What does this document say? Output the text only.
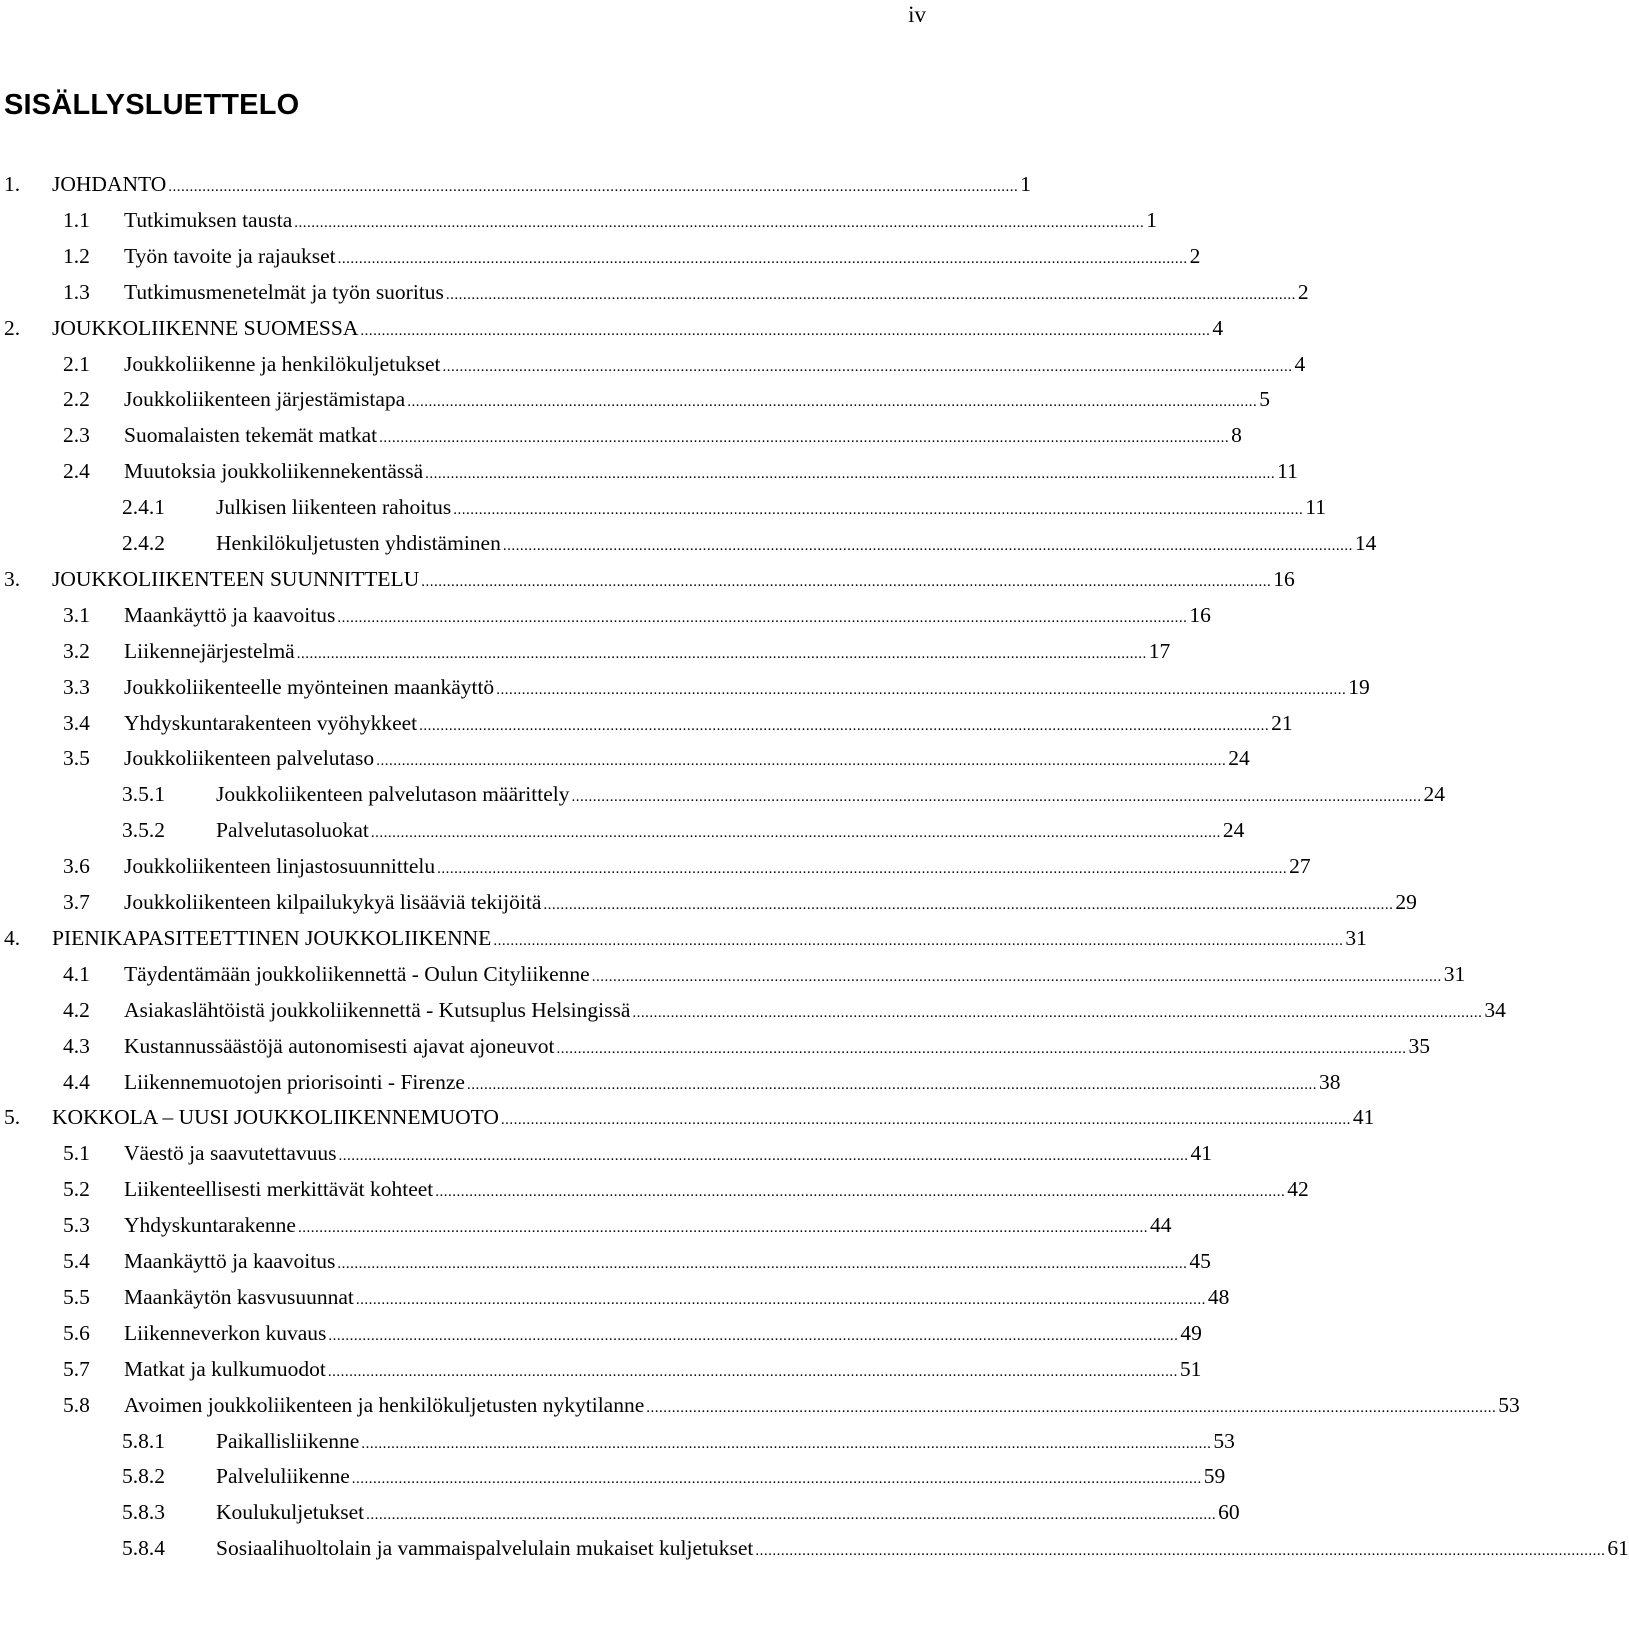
iv
SISÄLLYSLUETTELO
1. JOHDANTO ........................................................................................................................................................................................................ 1
1.1 Tutkimuksen tausta ........................................................................................................................................................................................................ 1
1.2 Työn tavoite ja rajaukset ........................................................................................................................................................................................................ 2
1.3 Tutkimusmenetelmät ja työn suoritus ........................................................................................................................................................................................................ 2
2. JOUKKOLIIKENNE SUOMESSA ........................................................................................................................................................................................................ 4
2.1 Joukkoliikenne ja henkilökuljetukset ........................................................................................................................................................................................................ 4
2.2 Joukkoliikenteen järjestämistapa ........................................................................................................................................................................................................ 5
2.3 Suomalaisten tekemät matkat ........................................................................................................................................................................................................ 8
2.4 Muutoksia joukkoliikennekentässä ........................................................................................................................................................................................................ 11
2.4.1 Julkisen liikenteen rahoitus ........................................................................................................................................................................................................ 11
2.4.2 Henkilökuljetusten yhdistäminen ........................................................................................................................................................................................................ 14
3. JOUKKOLIIKENTEEN SUUNNITTELU ........................................................................................................................................................................................................ 16
3.1 Maankäyttö ja kaavoitus ........................................................................................................................................................................................................ 16
3.2 Liikennejärjestelmä ........................................................................................................................................................................................................ 17
3.3 Joukkoliikenteelle myönteinen maankäyttö ........................................................................................................................................................................................................ 19
3.4 Yhdyskuntarakenteen vyöhykkeet ........................................................................................................................................................................................................ 21
3.5 Joukkoliikenteen palvelutaso ........................................................................................................................................................................................................ 24
3.5.1 Joukkoliikenteen palvelutason määrittely ........................................................................................................................................................................................................ 24
3.5.2 Palvelutasoluokat ........................................................................................................................................................................................................ 24
3.6 Joukkoliikenteen linjastosuunnittelu ........................................................................................................................................................................................................ 27
3.7 Joukkoliikenteen kilpailukykyä lisääviä tekijöitä ........................................................................................................................................................................................................ 29
4. PIENIKAPASITEETTINEN JOUKKOLIIKENNE ........................................................................................................................................................................................................ 31
4.1 Täydentämään joukkoliikennettä - Oulun Cityliikenne ........................................................................................................................................................................................................ 31
4.2 Asiakaslähtöistä joukkoliikennettä - Kutsuplus Helsingissä ........................................................................................................................................................................................................ 34
4.3 Kustannussäästöjä autonomisesti ajavat ajoneuvot ........................................................................................................................................................................................................ 35
4.4 Liikennemuotojen priorisointi - Firenze ........................................................................................................................................................................................................ 38
5. KOKKOLA – UUSI JOUKKOLIIKENNEMUOTO ........................................................................................................................................................................................................ 41
5.1 Väestö ja saavutettavuus ........................................................................................................................................................................................................ 41
5.2 Liikenteellisesti merkittävät kohteet ........................................................................................................................................................................................................ 42
5.3 Yhdyskuntarakenne ........................................................................................................................................................................................................ 44
5.4 Maankäyttö ja kaavoitus ........................................................................................................................................................................................................ 45
5.5 Maankäytön kasvusuunnat ........................................................................................................................................................................................................ 48
5.6 Liikenneverkon kuvaus ........................................................................................................................................................................................................ 49
5.7 Matkat ja kulkumuodot ........................................................................................................................................................................................................ 51
5.8 Avoimen joukkoliikenteen ja henkilökuljetusten nykytilanne ........................................................................................................................................................................................................ 53
5.8.1 Paikallisliikenne ........................................................................................................................................................................................................ 53
5.8.2 Palveluliikenne ........................................................................................................................................................................................................ 59
5.8.3 Koulukuljetukset ........................................................................................................................................................................................................ 60
5.8.4 Sosiaalihuoltolain ja vammaispalvelulain mukaiset kuljetukset ........................................................................................................................................................................................................ 61
